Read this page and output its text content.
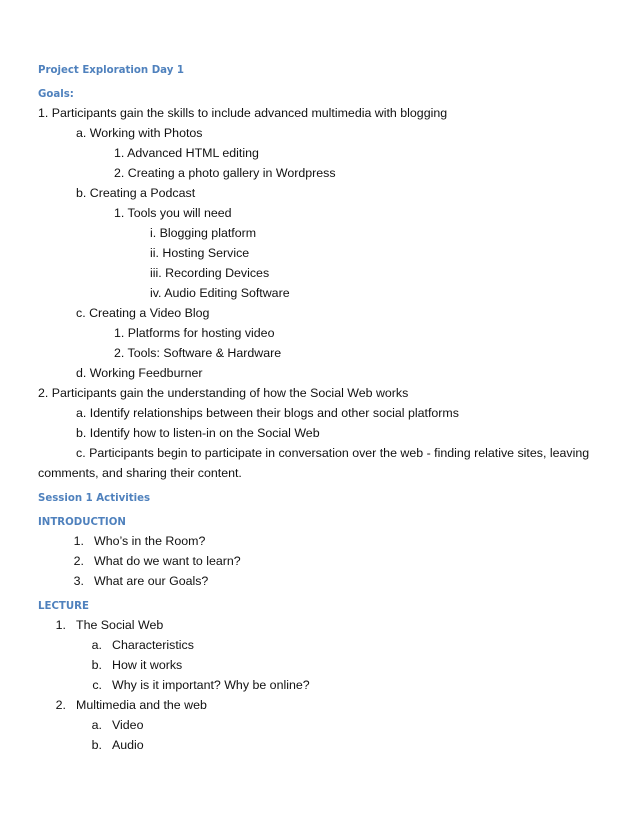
Project Exploration Day 1
Goals:
1. Participants gain the skills to include advanced multimedia with blogging
a. Working with Photos
1. Advanced HTML editing
2. Creating a photo gallery in Wordpress
b. Creating a Podcast
1. Tools you will need
i. Blogging platform
ii. Hosting Service
iii. Recording Devices
iv. Audio Editing Software
c. Creating a Video Blog
1. Platforms for hosting video
2. Tools: Software & Hardware
d. Working Feedburner
2. Participants gain the understanding of how the Social Web works
a. Identify relationships between their blogs and other social platforms
b. Identify how to listen-in on the Social Web
c. Participants begin to participate in conversation over the web - finding relative sites, leaving
comments, and sharing their content.
Session 1 Activities
INTRODUCTION
1. Who’s in the Room?
2. What do we want to learn?
3. What are our Goals?
LECTURE
1. The Social Web
a. Characteristics
b. How it works
c. Why is it important? Why be online?
2. Multimedia and the web
a. Video
b. Audio
